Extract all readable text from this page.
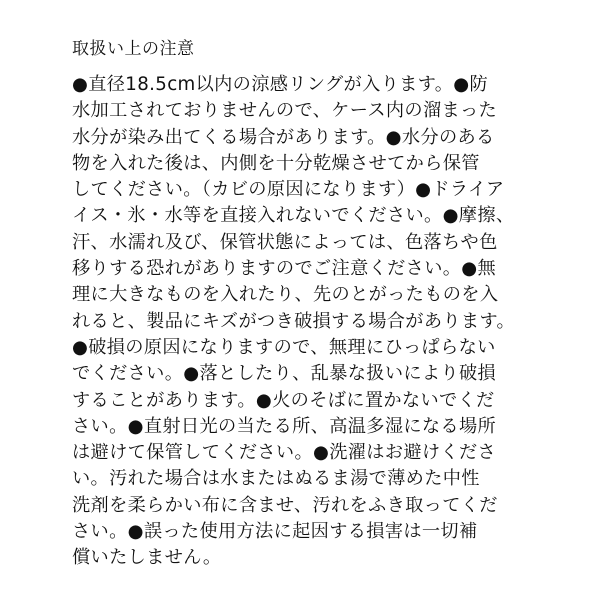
取扱い上の注意
●直径18.5cm以内の涼感リングが入ります。●防
水加工されておりませんので、ケース内の溜まった
水分が染み出てくる場合があります。●水分のある
物を入れた後は、内側を十分乾燥させてから保管
してください。（カビの原因になります）●ドライア
イス・氷・水等を直接入れないでください。●摩擦、
汗、水濡れ及び、保管状態によっては、色落ちや色
移りする恐れがありますのでご注意ください。●無
理に大きなものを入れたり、先のとがったものを入
れると、製品にキズがつき破損する場合があります。
●破損の原因になりますので、無理にひっぱらない
でください。●落としたり、乱暴な扱いにより破損
することがあります。●火のそばに置かないでくだ
さい。●直射日光の当たる所、高温多湿になる場所
は避けて保管してください。●洗濯はお避けくださ
い。汚れた場合は水またはぬるま湯で薄めた中性
洗剤を柔らかい布に含ませ、汚れをふき取ってくだ
さい。●誤った使用方法に起因する損害は一切補
償いたしません。
